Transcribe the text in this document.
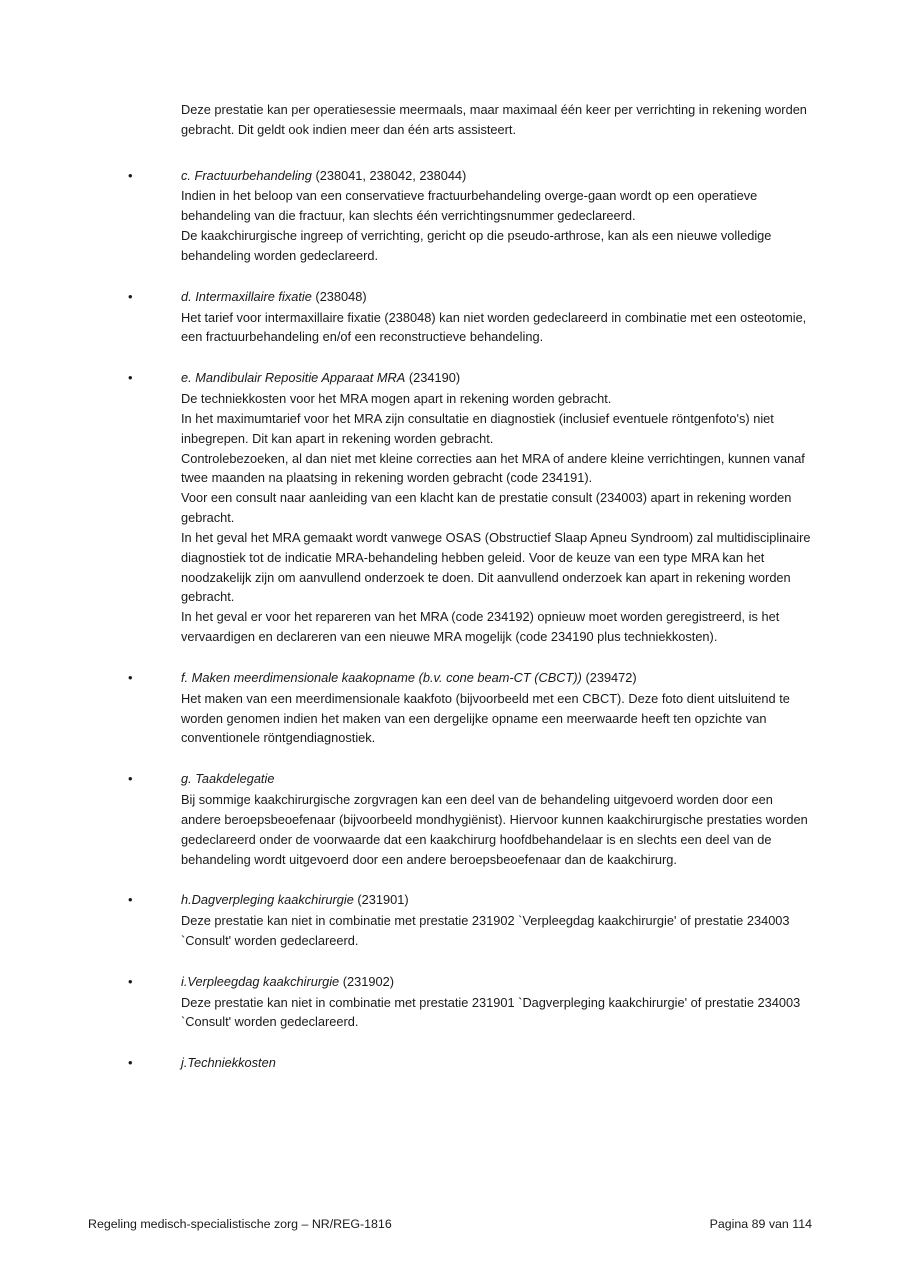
Deze prestatie kan per operatiesessie meermaals, maar maximaal één keer per verrichting in rekening worden gebracht. Dit geldt ook indien meer dan één arts assisteert.

•	c. Fractuurbehandeling (238041, 238042, 238044)

Indien in het beloop van een conservatieve fractuurbehandeling overge-gaan wordt op een operatieve behandeling van die fractuur, kan slechts één verrichtingsnummer gedeclareerd.

De kaakchirurgische ingreep of verrichting, gericht op die pseudo-arthrose, kan als een nieuwe volledige behandeling worden gedeclareerd.

•	d. Intermaxillaire fixatie (238048)

Het tarief voor intermaxillaire fixatie (238048) kan niet worden gedeclareerd in combinatie met een osteotomie, een fractuurbehandeling en/of een reconstructieve behandeling.

•	e. Mandibulair Repositie Apparaat MRA (234190)

De techniekkosten voor het MRA mogen apart in rekening worden gebracht.

In het maximumtarief voor het MRA zijn consultatie en diagnostiek (inclusief eventuele röntgenfoto's) niet inbegrepen. Dit kan apart in rekening worden gebracht.

Controlebezoeken, al dan niet met kleine correcties aan het MRA of andere kleine verrichtingen, kunnen vanaf twee maanden na plaatsing in rekening worden gebracht (code 234191).

Voor een consult naar aanleiding van een klacht kan de prestatie consult (234003) apart in rekening worden gebracht.

In het geval het MRA gemaakt wordt vanwege OSAS (Obstructief Slaap Apneu Syndroom) zal multidisciplinaire diagnostiek tot de indicatie MRA-behandeling hebben geleid. Voor de keuze van een type MRA kan het noodzakelijk zijn om aanvullend onderzoek te doen. Dit aanvullend onderzoek kan apart in rekening worden gebracht.

In het geval er voor het repareren van het MRA (code 234192) opnieuw moet worden geregistreerd, is het vervaardigen en declareren van een nieuwe MRA mogelijk (code 234190 plus techniekkosten).

•	f. Maken meerdimensionale kaakopname (b.v. cone beam-CT (CBCT)) (239472)

Het maken van een meerdimensionale kaakfoto (bijvoorbeeld met een CBCT). Deze foto dient uitsluitend te worden genomen indien het maken van een dergelijke opname een meerwaarde heeft ten opzichte van conventionele röntgendiagnostiek.

•	g. Taakdelegatie

Bij sommige kaakchirurgische zorgvragen kan een deel van de behandeling uitgevoerd worden door een andere beroepsbeoefenaar (bijvoorbeeld mondhygiënist). Hiervoor kunnen kaakchirurgische prestaties worden gedeclareerd onder de voorwaarde dat een kaakchirurg hoofdbehandelaar is en slechts een deel van de behandeling wordt uitgevoerd door een andere beroepsbeoefenaar dan de kaakchirurg.

•	h.Dagverpleging kaakchirurgie (231901)

Deze prestatie kan niet in combinatie met prestatie 231902 `Verpleegdag kaakchirurgie' of prestatie 234003 `Consult' worden gedeclareerd.

•	i.Verpleegdag kaakchirurgie (231902)

Deze prestatie kan niet in combinatie met prestatie 231901 `Dagverpleging kaakchirurgie' of prestatie 234003 `Consult' worden gedeclareerd.

•	j.Techniekkosten
Regeling medisch-specialistische zorg – NR/REG-1816	Pagina 89 van 114
